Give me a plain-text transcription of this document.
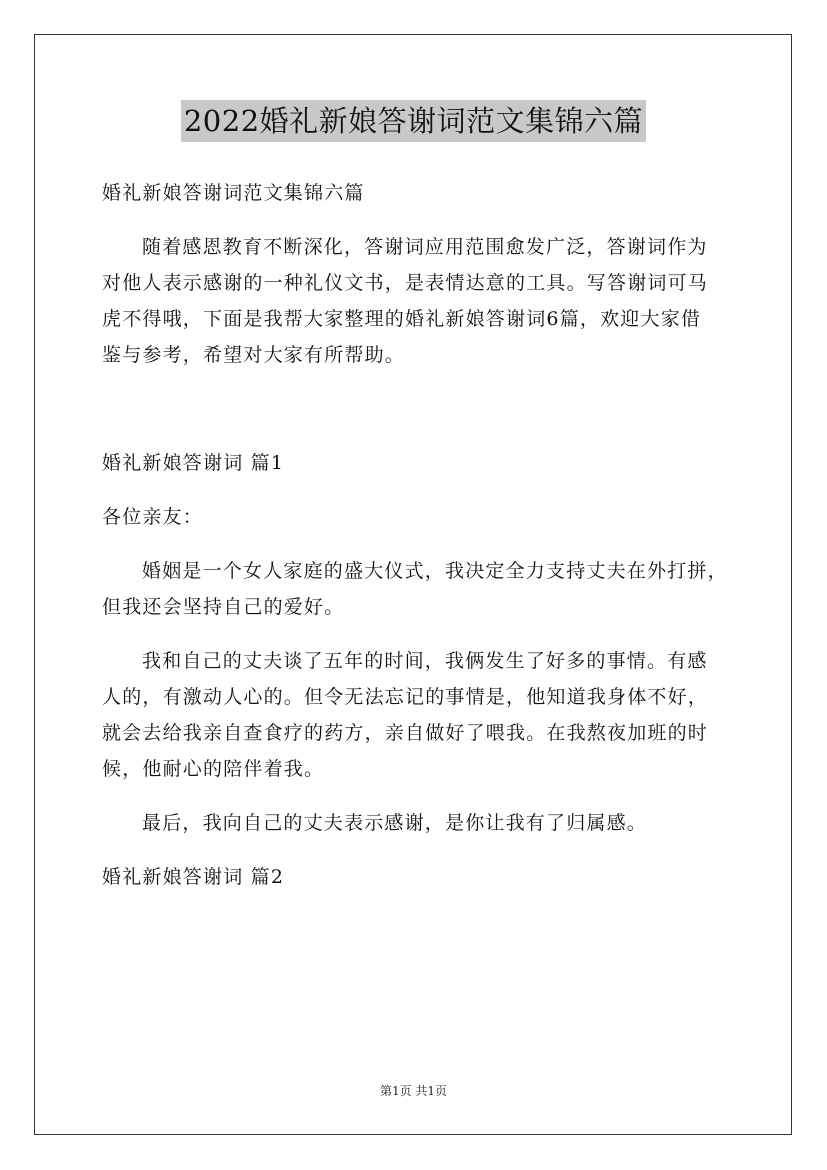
2022婚礼新娘答谢词范文集锦六篇
婚礼新娘答谢词范文集锦六篇
随着感恩教育不断深化，答谢词应用范围愈发广泛，答谢词作为
对他人表示感谢的一种礼仪文书，是表情达意的工具。写答谢词可马
虎不得哦，下面是我帮大家整理的婚礼新娘答谢词6篇，欢迎大家借
鉴与参考，希望对大家有所帮助。
婚礼新娘答谢词 篇1
各位亲友：
婚姻是一个女人家庭的盛大仪式，我决定全力支持丈夫在外打拼，
但我还会坚持自己的爱好。
我和自己的丈夫谈了五年的时间，我俩发生了好多的事情。有感
人的，有激动人心的。但令无法忘记的事情是，他知道我身体不好，
就会去给我亲自查食疗的药方，亲自做好了喂我。在我熬夜加班的时
候，他耐心的陪伴着我。
最后，我向自己的丈夫表示感谢，是你让我有了归属感。
婚礼新娘答谢词 篇2
第1页 共1页
